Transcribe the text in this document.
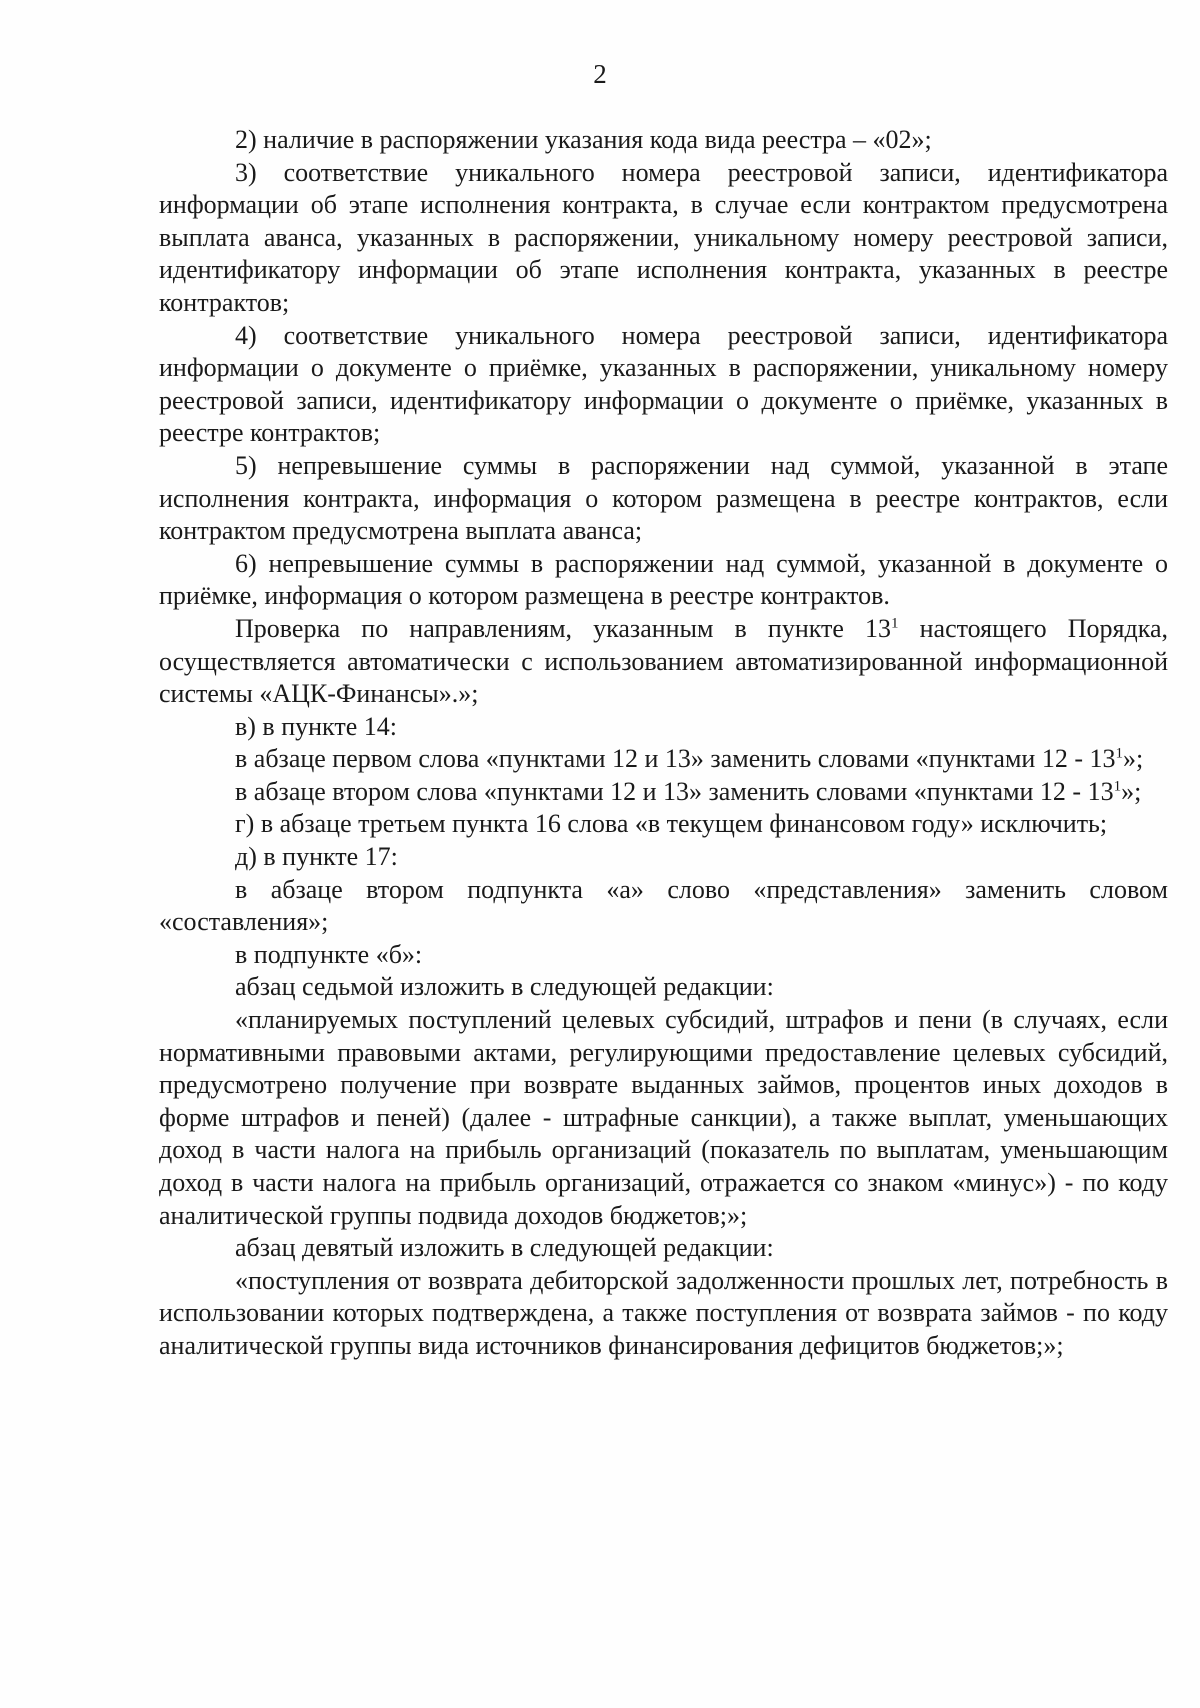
2

2) наличие в распоряжении указания кода вида реестра – «02»;

3) соответствие уникального номера реестровой записи, идентификатора информации об этапе исполнения контракта, в случае если контрактом предусмотрена выплата аванса, указанных в распоряжении, уникальному номеру реестровой записи, идентификатору информации об этапе исполнения контракта, указанных в реестре контрактов;

4) соответствие уникального номера реестровой записи, идентификатора информации о документе о приёмке, указанных в распоряжении, уникальному номеру реестровой записи, идентификатору информации о документе о приёмке, указанных в реестре контрактов;

5) непревышение суммы в распоряжении над суммой, указанной в этапе исполнения контракта, информация о котором размещена в реестре контрактов, если контрактом предусмотрена выплата аванса;

6) непревышение суммы в распоряжении над суммой, указанной в документе о приёмке, информация о котором размещена в реестре контрактов.

Проверка по направлениям, указанным в пункте $13^1$ настоящего Порядка, осуществляется автоматически с использованием автоматизированной информационной системы «АЦК-Финансы».»;

в) в пункте 14:

в абзаце первом слова «пунктами 12 и 13» заменить словами «пунктами $12 - 13^1$»;

в абзаце втором слова «пунктами 12 и 13» заменить словами «пунктами $12 - 13^1$»;

г) в абзаце третьем пункта 16 слова «в текущем финансовом году» исключить;

д) в пункте 17:

в абзаце втором подпункта «а» слово «представления» заменить словом «составления»;

в подпункте «б»:

абзац седьмой изложить в следующей редакции:

«планируемых поступлений целевых субсидий, штрафов и пени (в случаях, если нормативными правовыми актами, регулирующими предоставление целевых субсидий, предусмотрено получение при возврате выданных займов, процентов иных доходов в форме штрафов и пеней) (далее - штрафные санкции), а также выплат, уменьшающих доход в части налога на прибыль организаций (показатель по выплатам, уменьшающим доход в части налога на прибыль организаций, отражается со знаком «минус») - по коду аналитической группы подвида доходов бюджетов;»;

абзац девятый изложить в следующей редакции:

«поступления от возврата дебиторской задолженности прошлых лет, потребность в использовании которых подтверждена, а также поступления от возврата займов - по коду аналитической группы вида источников финансирования дефицитов бюджетов;»;
